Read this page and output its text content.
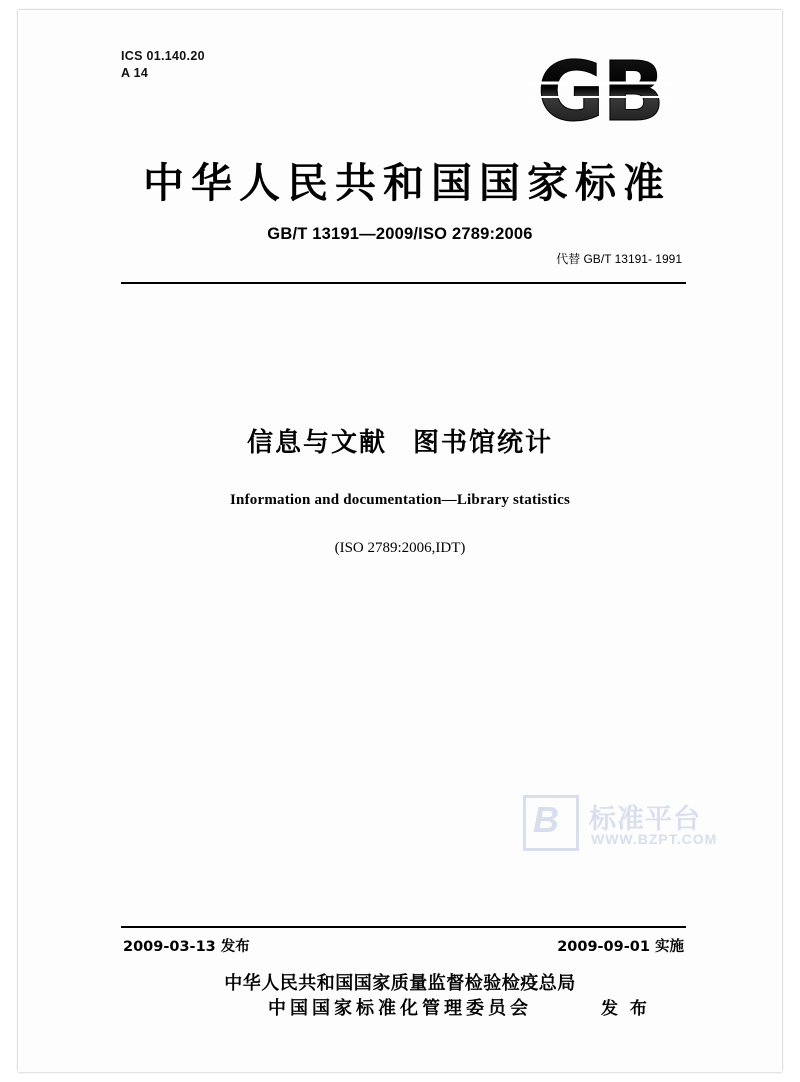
ICS 01.140.20
A 14	GB
中华人民共和国国家标准
GB/T 13191—2009/ISO 2789:2006
代替 GB/T 13191- 1991
信息与文献 图书馆统计
Information and documentation—Library statistics
(ISO 2789:2006,IDT)
B 标准平台
WWW.BZPT.COM
2009-03-13 发布	2009-09-01 实施
中华人民共和国国家质量监督检验检疫总局
中国国家标准化管理委员会	发 布
